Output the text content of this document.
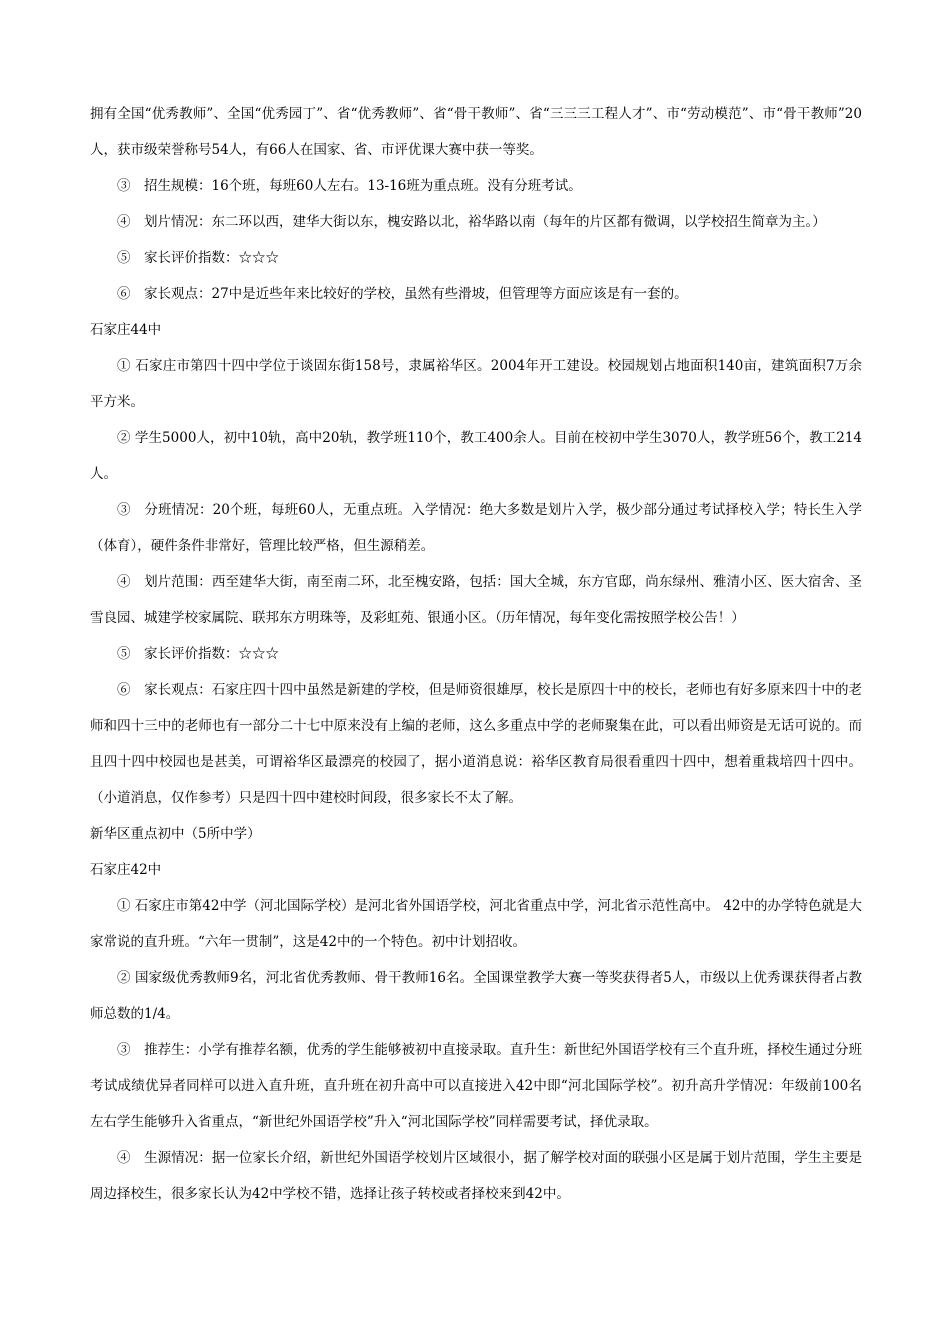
拥有全国“优秀教师”、全国“优秀园丁”、省“优秀教师”、省“骨干教师”、省“三三三工程人才”、市“劳动模范”、市“骨干教师”20人，获市级荣誉称号54人，有66人在国家、省、市评优课大赛中获一等奖。

③　招生规模：16个班，每班60人左右。13-16班为重点班。没有分班考试。

④　划片情况：东二环以西，建华大街以东，槐安路以北，裕华路以南（每年的片区都有微调，以学校招生简章为主。）

⑤　家长评价指数：☆☆☆

⑥　家长观点：27中是近些年来比较好的学校，虽然有些滑坡，但管理等方面应该是有一套的。

石家庄44中

① 石家庄市第四十四中学位于谈固东街158号，隶属裕华区。2004年开工建设。校园规划占地面积140亩，建筑面积7万余平方米。

② 学生5000人，初中10轨，高中20轨，教学班110个，教工400余人。目前在校初中学生3070人，教学班56个，教工214人。

③　分班情况：20个班，每班60人，无重点班。入学情况：绝大多数是划片入学，极少部分通过考试择校入学；特长生入学（体育），硬件条件非常好，管理比较严格，但生源稍差。

④　划片范围：西至建华大街，南至南二环，北至槐安路，包括：国大全城，东方官邸，尚东绿州、雅清小区、医大宿舍、圣雪良园、城建学校家属院、联邦东方明珠等，及彩虹苑、银通小区。（历年情况，每年变化需按照学校公告！）

⑤　家长评价指数：☆☆☆

⑥　家长观点：石家庄四十四中虽然是新建的学校，但是师资很雄厚，校长是原四十中的校长，老师也有好多原来四十中的老师和四十三中的老师也有一部分二十七中原来没有上编的老师，这么多重点中学的老师聚集在此，可以看出师资是无话可说的。而且四十四中校园也是甚美，可谓裕华区最漂亮的校园了，据小道消息说：裕华区教育局很看重四十四中，想着重栽培四十四中。（小道消息，仅作参考）只是四十四中建校时间段，很多家长不太了解。

新华区重点初中（5所中学）

石家庄42中

① 石家庄市第42中学（河北国际学校）是河北省外国语学校，河北省重点中学，河北省示范性高中。 42中的办学特色就是大家常说的直升班。“六年一贯制”，这是42中的一个特色。初中计划招收。

② 国家级优秀教师9名，河北省优秀教师、骨干教师16名。全国课堂教学大赛一等奖获得者5人，市级以上优秀课获得者占教师总数的1/4。

③　推荐生：小学有推荐名额，优秀的学生能够被初中直接录取。直升生：新世纪外国语学校有三个直升班，择校生通过分班考试成绩优异者同样可以进入直升班，直升班在初升高中可以直接进入42中即“河北国际学校”。初升高升学情况：年级前100名左右学生能够升入省重点，“新世纪外国语学校”升入“河北国际学校”同样需要考试，择优录取。

④　生源情况：据一位家长介绍，新世纪外国语学校划片区域很小，据了解学校对面的联强小区是属于划片范围，学生主要是周边择校生，很多家长认为42中学校不错，选择让孩子转校或者择校来到42中。
